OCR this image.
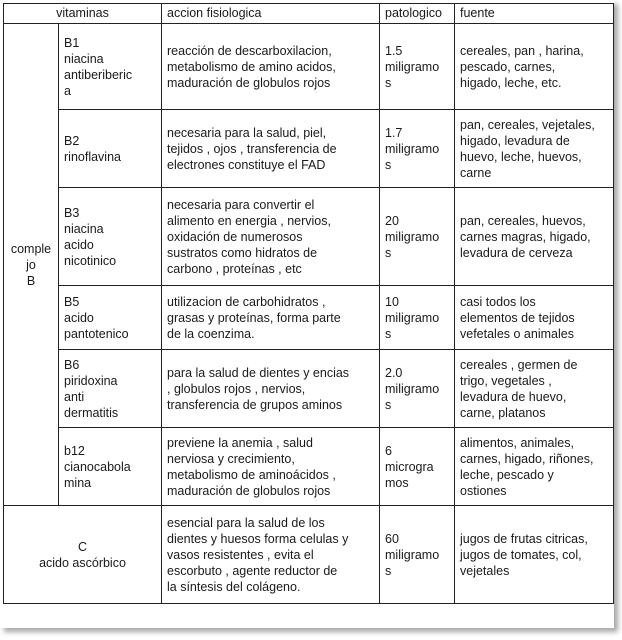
vitaminas		accion fisiologica	patologico	fuente
comple
jo
B	B1
niacina
antiberiberic
a	reacción de descarboxilacion,
metabolismo de amino acidos,
maduración de globulos rojos	1.5
miligramo
s	cereales, pan , harina,
pescado, carnes,
higado, leche, etc.
	B2
rinoflavina	necesaria para la salud, piel,
tejidos , ojos , transferencia de
electrones constituye el FAD	1.7
miligramo
s	pan, cereales, vejetales,
higado, levadura de
huevo, leche, huevos,
carne
	B3
niacina
acido
nicotinico	necesaria para convertir el
alimento en energia , nervios,
oxidación de numerosos
sustratos como hidratos de
carbono , proteínas , etc	20
miligramo
s	pan, cereales, huevos,
carnes magras, higado,
levadura de cerveza
	B5
acido
pantotenico	utilizacion de carbohidratos ,
grasas y proteínas, forma parte
de la coenzima.	10
miligramo
s	casi todos los
elementos de tejidos
vefetales o animales
	B6
piridoxina
anti
dermatitis	para la salud de dientes y encias
, globulos rojos , nervios,
transferencia de grupos aminos	2.0
miligramo
s	cereales , germen de
trigo, vegetales ,
levadura de huevo,
carne, platanos
	b12
cianocabola
mina	previene la anemia , salud
nerviosa y crecimiento,
metabolismo de aminoácidos ,
maduración de globulos rojos	6
microgra
mos	alimentos, animales,
carnes, higado, riñones,
leche, pescado y
ostiones
C
acido ascórbico		esencial para la salud de los
dientes y huesos forma celulas y
vasos resistentes , evita el
escorbuto , agente reductor de
la síntesis del colágeno.	60
miligramo
s	jugos de frutas citricas,
jugos de tomates, col,
vejetales
